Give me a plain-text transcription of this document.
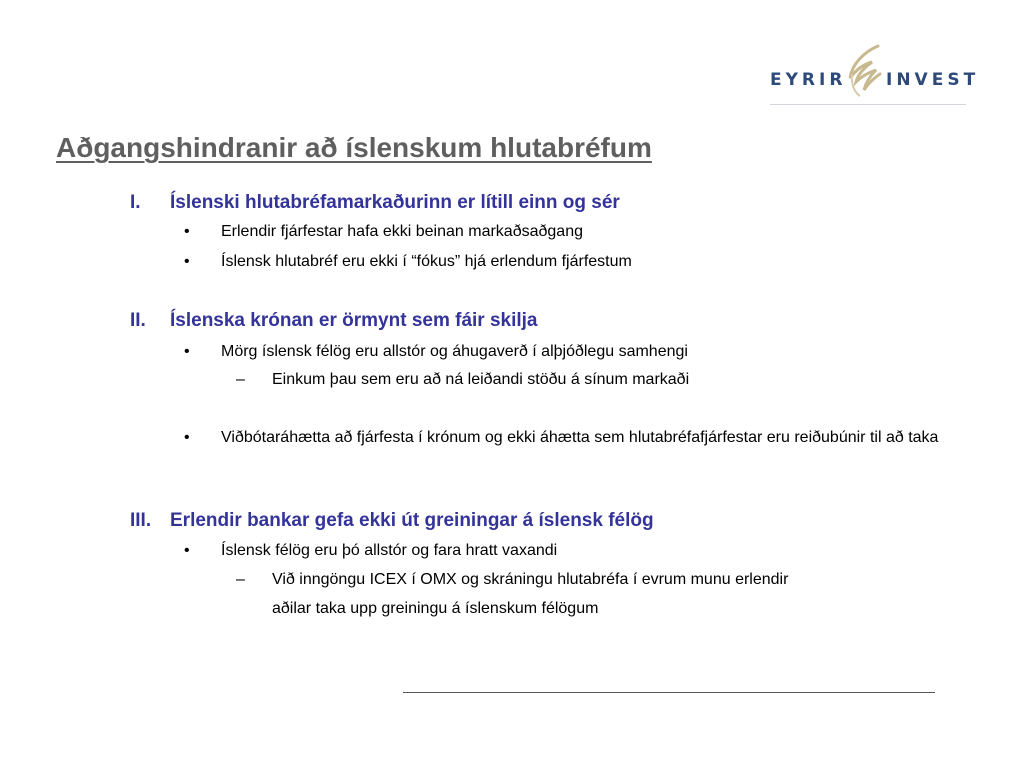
EYRIR INVEST
Aðgangshindranir að íslenskum hlutabréfum
I. Íslenski hlutabréfamarkaðurinn er lítill einn og sér
• Erlendir fjárfestar hafa ekki beinan markaðsaðgang
• Íslensk hlutabréf eru ekki í “fókus” hjá erlendum fjárfestum
II. Íslenska krónan er örmynt sem fáir skilja
• Mörg íslensk félög eru allstór og áhugaverð í alþjóðlegu samhengi
– Einkum þau sem eru að ná leiðandi stöðu á sínum markaði
• Viðbótaráhætta að fjárfesta í krónum og ekki áhætta sem hlutabréfafjárfestar eru reiðubúnir til að taka
III. Erlendir bankar gefa ekki út greiningar á íslensk félög
• Íslensk félög eru þó allstór og fara hratt vaxandi
– Við inngöngu ICEX í OMX og skráningu hlutabréfa í evrum munu erlendir
aðilar taka upp greiningu á íslenskum félögum
